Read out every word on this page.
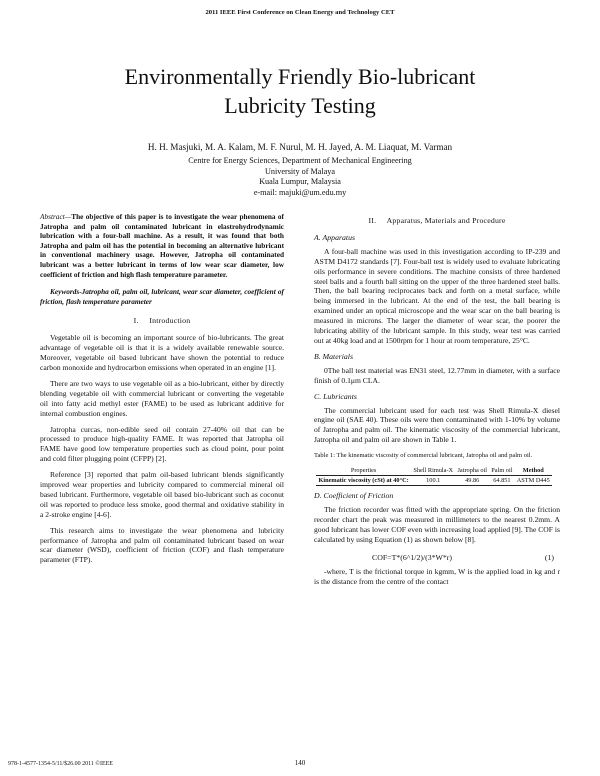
2011 IEEE First Conference on Clean Energy and Technology CET
Environmentally Friendly Bio-lubricant
Lubricity Testing
H. H. Masjuki, M. A. Kalam, M. F. Nurul, M. H. Jayed, A. M. Liaquat, M. Varman
Centre for Energy Sciences, Department of Mechanical Engineering
University of Malaya
Kuala Lumpur, Malaysia
e-mail: majuki@um.edu.my

Abstract—The objective of this paper is to investigate the wear phenomena of Jatropha and palm oil contaminated lubricant in elastrohydrodynamic lubrication with a four-ball machine. As a result, it was found that both Jatropha and palm oil has the potential in becoming an alternative lubricant in conventional machinery usage. However, Jatropha oil contaminated lubricant was a better lubricant in terms of low wear scar diameter, low coefficient of friction and high flash temperature parameter.

Keywords-Jatropha oil, palm oil, lubricant, wear scar diameter, coefficient of friction, flash temperature parameter

I. Introduction

Vegetable oil is becoming an important source of bio-lubricants. The great advantage of vegetable oil is that it is a widely available renewable source. Moreover, vegetable oil based lubricant have shown the potential to reduce carbon monoxide and hydrocarbon emissions when operated in an engine [1].

There are two ways to use vegetable oil as a bio-lubricant, either by directly blending vegetable oil with commercial lubricant or converting the vegetable oil into fatty acid methyl ester (FAME) to be used as lubricant additive for internal combustion engines.

Jatropha curcas, non-edible seed oil contain 27-40% oil that can be processed to produce high-quality FAME. It was reported that Jatropha oil FAME have good low temperature properties such as cloud point, pour point and cold filter plugging point (CFPP) [2].

Reference [3] reported that palm oil-based lubricant blends significantly improved wear properties and lubricity compared to commercial mineral oil based lubricant. Furthermore, vegetable oil based bio-lubricant such as coconut oil was reported to produce less smoke, good thermal and oxidative stability in a 2-stroke engine [4-6].

This research aims to investigate the wear phenomena and lubricity performance of Jatropha and palm oil contaminated lubricant based on wear scar diameter (WSD), coefficient of friction (COF) and flash temperature parameter (FTP).

II. Apparatus, Materials and Procedure
A. Apparatus

A four-ball machine was used in this investigation according to IP-239 and ASTM D4172 standards [7]. Four-ball test is widely used to evaluate lubricating oils performance in severe conditions. The machine consists of three hardened steel balls and a fourth ball sitting on the upper of the three hardened steel balls. Then, the ball bearing reciprocates back and forth on a metal surface, while being immersed in the lubricant. At the end of the test, the ball bearing is examined under an optical microscope and the wear scar on the ball bearing is measured in microns. The larger the diameter of wear scar, the poorer the lubricating ability of the lubricant sample. In this study, wear test was carried out at 40kg load and at 1500rpm for 1 hour at room temperature, 25°C.

B. Materials

0The ball test material was EN31 steel, 12.77mm in diameter, with a surface finish of 0.1μm CLA.

C. Lubricants

The commercial lubricant used for each test was Shell Rimula-X diesel engine oil (SAE 40). These oils were then contaminated with 1-10% by volume of Jatropha and palm oil. The kinematic viscosity of the commercial lubricant, Jatropha oil and palm oil are shown in Table 1.

Table 1: The kinematic viscosity of commercial lubricant, Jatropha oil and palm oil.
Properties	Shell Rimula-X	Jatropha oil	Palm oil	Method
Kinematic viscosity (cSt) at 40°C:	100.1	49.86	64.851	ASTM D445
D. Coefficient of Friction

The friction recorder was fitted with the appropriate spring. On the friction recorder chart the peak was measured in millimeters to the nearest 0.2mm. A good lubricant has lower COF even with increasing load applied [9]. The COF is calculated by using Equation (1) as shown below [8].

COF=T*(6^1/2)/(3*W*r)	(1)

-where, T is the frictional torque in kgmm, W is the applied load in kg and r is the distance from the centre of the contact

978-1-4577-1354-5/11/$26.00 2011 ©IEEE	140
